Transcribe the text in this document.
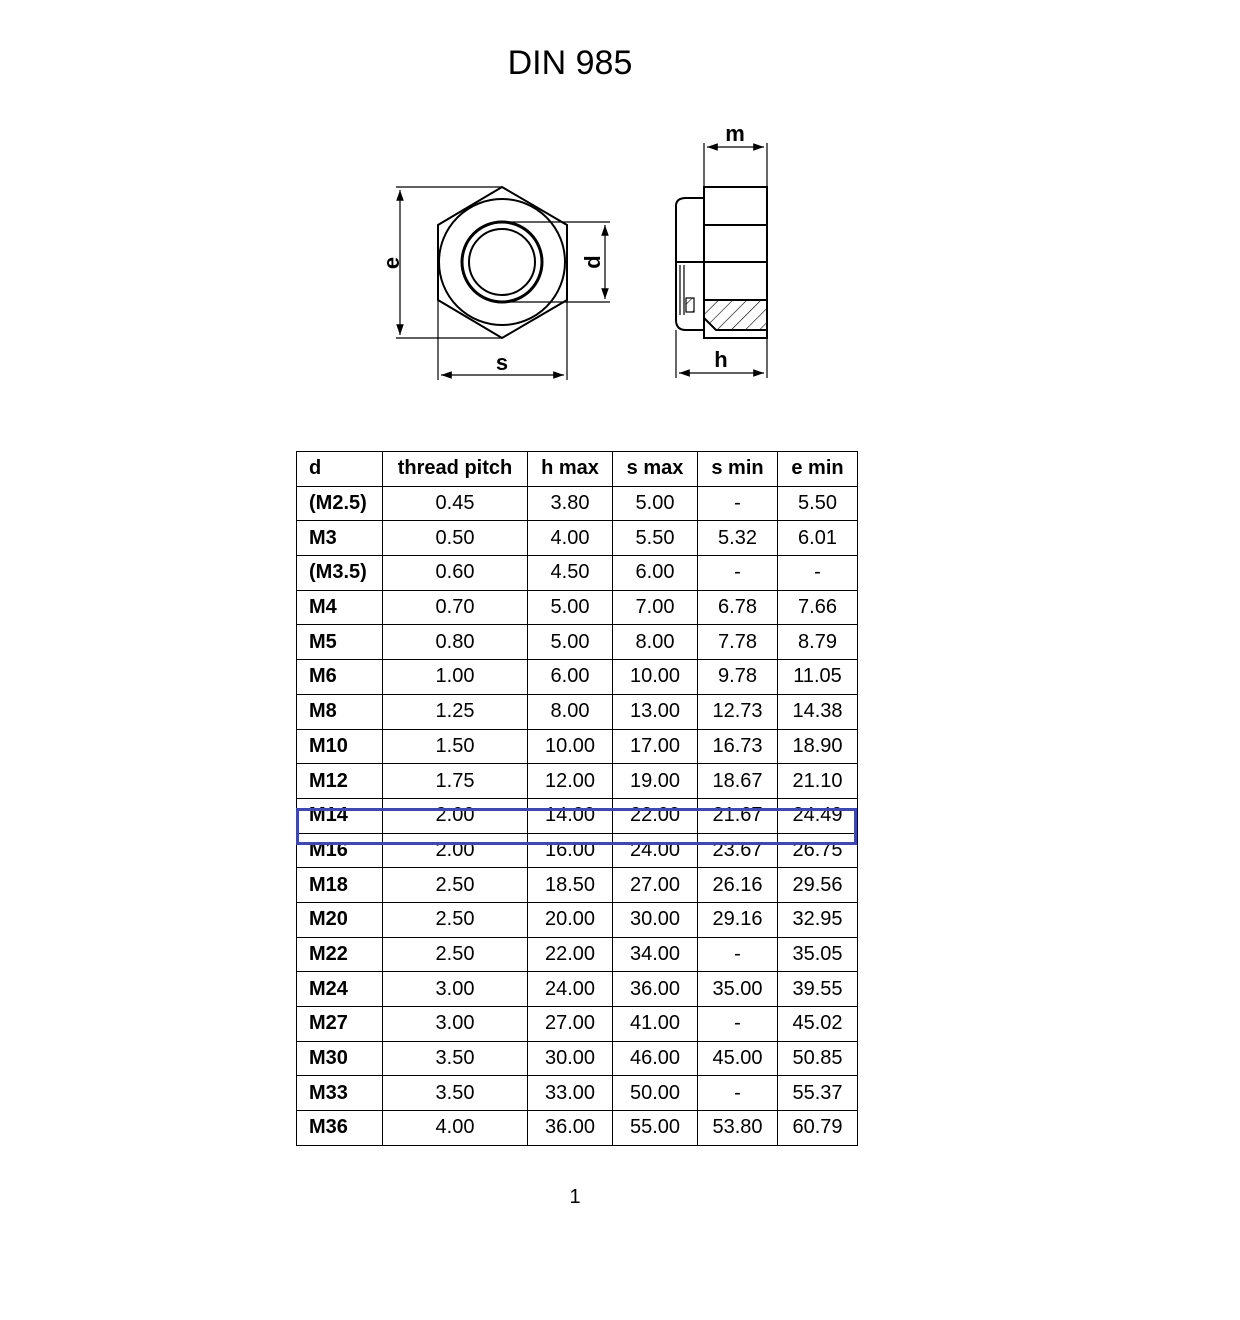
DIN 985
e	d
s
m
h
d	thread pitch	h max	s max	s min	e min
(M2.5)	0.45	3.80	5.00	-	5.50
M3	0.50	4.00	5.50	5.32	6.01
(M3.5)	0.60	4.50	6.00	-	-
M4	0.70	5.00	7.00	6.78	7.66
M5	0.80	5.00	8.00	7.78	8.79
M6	1.00	6.00	10.00	9.78	11.05
M8	1.25	8.00	13.00	12.73	14.38
M10	1.50	10.00	17.00	16.73	18.90
M12	1.75	12.00	19.00	18.67	21.10
M14	2.00	14.00	22.00	21.67	24.49
M16	2.00	16.00	24.00	23.67	26.75
M18	2.50	18.50	27.00	26.16	29.56
M20	2.50	20.00	30.00	29.16	32.95
M22	2.50	22.00	34.00	-	35.05
M24	3.00	24.00	36.00	35.00	39.55
M27	3.00	27.00	41.00	-	45.02
M30	3.50	30.00	46.00	45.00	50.85
M33	3.50	33.00	50.00	-	55.37
M36	4.00	36.00	55.00	53.80	60.79
1
